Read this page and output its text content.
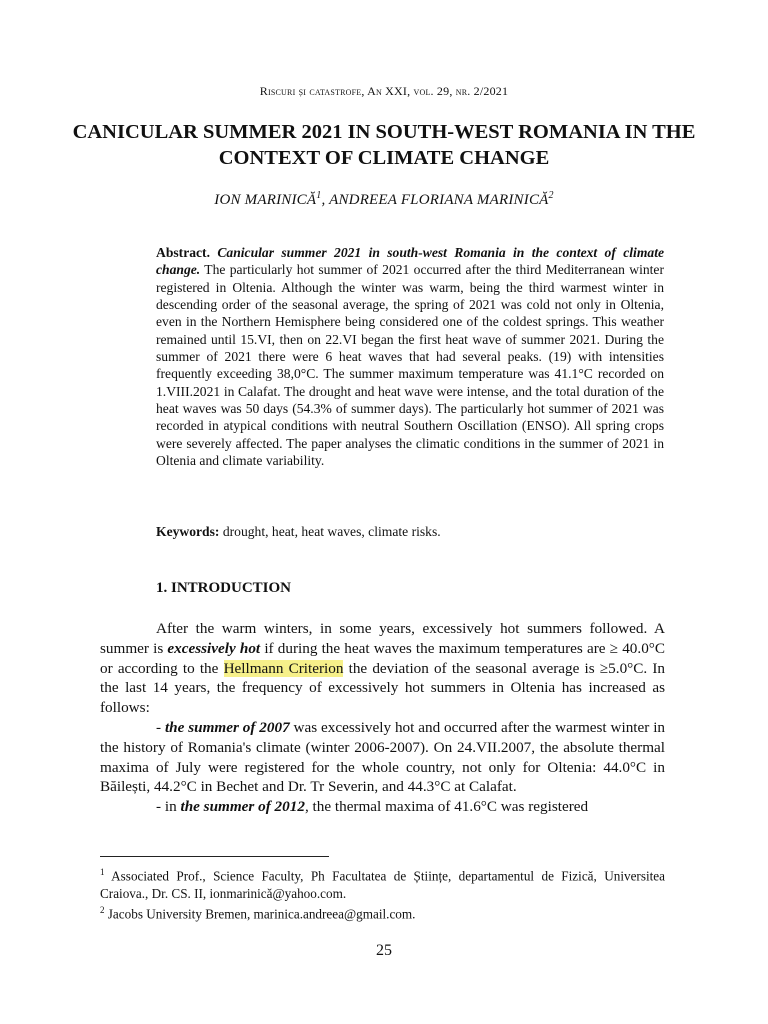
Riscuri și catastrofe, An XXI, vol. 29, nr. 2/2021
CANICULAR SUMMER 2021 IN SOUTH-WEST ROMANIA IN THE CONTEXT OF CLIMATE CHANGE
ION MARINICĂ$^1$, ANDREEA FLORIANA MARINICĂ$^2$

Abstract. Canicular summer 2021 in south-west Romania in the context of climate change. The particularly hot summer of 2021 occurred after the third Mediterranean winter registered in Oltenia. Although the winter was warm, being the third warmest winter in descending order of the seasonal average, the spring of 2021 was cold not only in Oltenia, even in the Northern Hemisphere being considered one of the coldest springs. This weather remained until 15.VI, then on 22.VI began the first heat wave of summer 2021. During the summer of 2021 there were 6 heat waves that had several peaks. (19) with intensities frequently exceeding 38,0°C. The summer maximum temperature was 41.1°C recorded on 1.VIII.2021 in Calafat. The drought and heat wave were intense, and the total duration of the heat waves was 50 days (54.3% of summer days). The particularly hot summer of 2021 was recorded in atypical conditions with neutral Southern Oscillation (ENSO). All spring crops were severely affected. The paper analyses the climatic conditions in the summer of 2021 in Oltenia and climate variability.

Keywords: drought, heat, heat waves, climate risks.

1. INTRODUCTION

After the warm winters, in some years, excessively hot summers followed. A summer is excessively hot if during the heat waves the maximum temperatures are ≥ 40.0°C or according to the Hellmann Criterion the deviation of the seasonal average is ≥5.0°C. In the last 14 years, the frequency of excessively hot summers in Oltenia has increased as follows:

- the summer of 2007 was excessively hot and occurred after the warmest winter in the history of Romania's climate (winter 2006-2007). On 24.VII.2007, the absolute thermal maxima of July were registered for the whole country, not only for Oltenia: 44.0°C in Băilești, 44.2°C in Bechet and Dr. Tr Severin, and 44.3°C at Calafat.

- in the summer of 2012, the thermal maxima of 41.6°C was registered

$^1$ Associated Prof., Science Faculty, Ph Facultatea de Științe, departamentul de Fizică, Universitea Craiova., Dr. CS. II, ionmarinică@yahoo.com.

$^2$ Jacobs University Bremen, marinica.andreea@gmail.com.

25
